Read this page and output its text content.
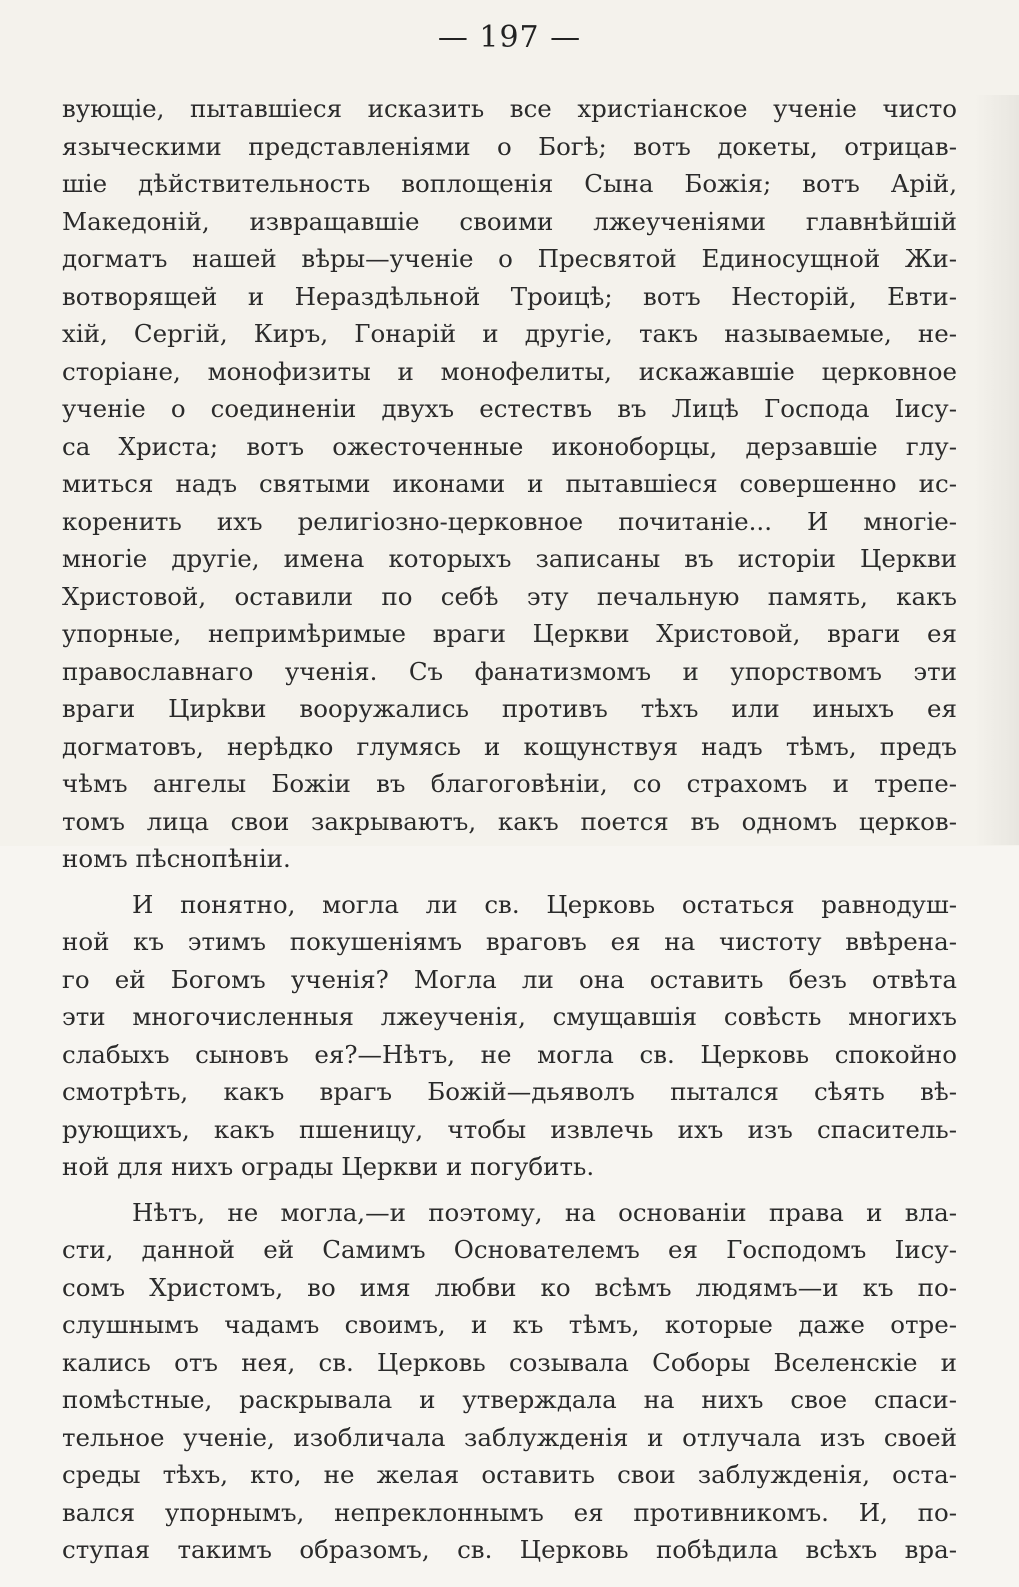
— 197 —
вующіе, пытавшіеся исказить все христіанское ученіе чисто
языческими представленіями о Богѣ; вотъ докеты, отрицав-
шіе дѣйствительность воплощенія Сына Божія; вотъ Арій,
Македоній, извращавшіе своими лжеученіями главнѣйшій
догматъ нашей вѣры—ученіе о Пресвятой Единосущной Жи-
вотворящей и Нераздѣльной Троицѣ; вотъ Несторій, Евти-
хій, Сергій, Киръ, Гонарій и другіе, такъ называемые, не-
сторіане, монофизиты и монофелиты, искажавшіе церковное
ученіе о соединеніи двухъ естествъ въ Лицѣ Господа Іису-
са Христа; вотъ ожесточенные иконоборцы, дерзавшіе глу-
миться надъ святыми иконами и пытавшіеся совершенно ис-
коренить ихъ религіозно-церковное почитаніе... И многіе-
многіе другіе, имена которыхъ записаны въ исторіи Церкви
Христовой, оставили по себѣ эту печальную память, какъ
упорные, непримѣримые враги Церкви Христовой, враги ея
православнаго ученія. Съ фанатизмомъ и упорствомъ эти
враги Цирkви вооружались противъ тѣхъ или иныхъ ея
догматовъ, нерѣдко глумясь и кощунствуя надъ тѣмъ, предъ
чѣмъ ангелы Божіи въ благоговѣніи, со страхомъ и трепе-
томъ лица свои закрываютъ, какъ поется въ одномъ церков-
номъ пѣснопѣніи.
И понятно, могла ли св. Церковь остаться равнодуш-
ной къ этимъ покушеніямъ враговъ ея на чистоту ввѣрена-
го ей Богомъ ученія? Могла ли она оставить безъ отвѣта
эти многочисленныя лжеученія, смущавшія совѣсть многихъ
слабыхъ сыновъ ея?—Нѣтъ, не могла св. Церковь спокойно
смотрѣть, какъ врагъ Божій—дьяволъ пытался сѣять вѣ-
рующихъ, какъ пшеницу, чтобы извлечь ихъ изъ спаситель-
ной для нихъ ограды Церкви и погубить.
Нѣтъ, не могла,—и поэтому, на основаніи права и вла-
сти, данной ей Самимъ Основателемъ ея Господомъ Іису-
сомъ Христомъ, во имя любви ко всѣмъ людямъ—и къ по-
слушнымъ чадамъ своимъ, и къ тѣмъ, которые даже отре-
кались отъ нея, св. Церковь созывала Соборы Вселенскіе и
помѣстные, раскрывала и утверждала на нихъ свое спаси-
тельное ученіе, изобличала заблужденія и отлучала изъ своей
среды тѣхъ, кто, не желая оставить свои заблужденія, оста-
вался упорнымъ, непреклоннымъ ея противникомъ. И, по-
ступая такимъ образомъ, св. Церковь побѣдила всѣхъ вра-
